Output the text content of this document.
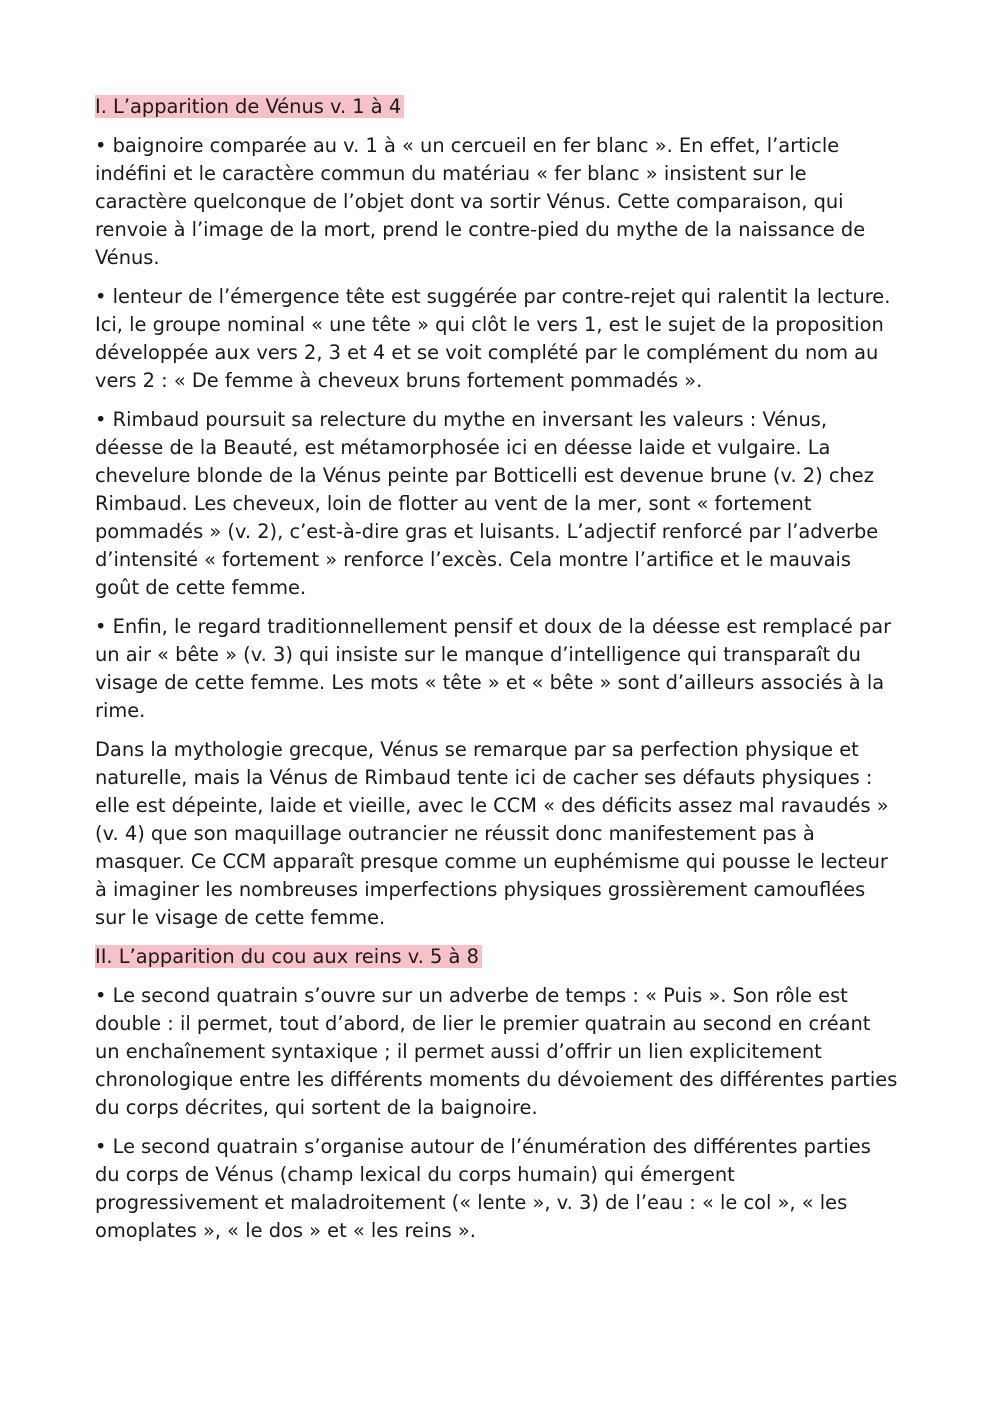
I. L’apparition de Vénus v. 1 à 4

• baignoire comparée au v. 1 à « un cercueil en fer blanc ». En effet, l’article indéfini et le caractère commun du matériau « fer blanc » insistent sur le caractère quelconque de l’objet dont va sortir Vénus. Cette comparaison, qui renvoie à l’image de la mort, prend le contre-pied du mythe de la naissance de Vénus.

• lenteur de l’émergence tête est suggérée par contre-rejet qui ralentit la lecture. Ici, le groupe nominal « une tête » qui clôt le vers 1, est le sujet de la proposition développée aux vers 2, 3 et 4 et se voit complété par le complément du nom au vers 2 : « De femme à cheveux bruns fortement pommadés ».

• Rimbaud poursuit sa relecture du mythe en inversant les valeurs : Vénus, déesse de la Beauté, est métamorphosée ici en déesse laide et vulgaire. La chevelure blonde de la Vénus peinte par Botticelli est devenue brune (v. 2) chez Rimbaud. Les cheveux, loin de flotter au vent de la mer, sont « fortement pommadés » (v. 2), c’est-à-dire gras et luisants. L’adjectif renforcé par l’adverbe d’intensité « fortement » renforce l’excès. Cela montre l’artifice et le mauvais goût de cette femme.

• Enfin, le regard traditionnellement pensif et doux de la déesse est remplacé par un air « bête » (v. 3) qui insiste sur le manque d’intelligence qui transparaît du visage de cette femme. Les mots « tête » et « bête » sont d’ailleurs associés à la rime.

Dans la mythologie grecque, Vénus se remarque par sa perfection physique et naturelle, mais la Vénus de Rimbaud tente ici de cacher ses défauts physiques : elle est dépeinte, laide et vieille, avec le CCM « des déficits assez mal ravaudés » (v. 4) que son maquillage outrancier ne réussit donc manifestement pas à masquer. Ce CCM apparaît presque comme un euphémisme qui pousse le lecteur à imaginer les nombreuses imperfections physiques grossièrement camouflées sur le visage de cette femme.

II. L’apparition du cou aux reins v. 5 à 8

• Le second quatrain s’ouvre sur un adverbe de temps : « Puis ». Son rôle est double : il permet, tout d’abord, de lier le premier quatrain au second en créant un enchaînement syntaxique ; il permet aussi d’offrir un lien explicitement chronologique entre les différents moments du dévoiement des différentes parties du corps décrites, qui sortent de la baignoire.

• Le second quatrain s’organise autour de l’énumération des différentes parties du corps de Vénus (champ lexical du corps humain) qui émergent progressivement et maladroitement (« lente », v. 3) de l’eau : « le col », « les omoplates », « le dos » et « les reins ».
